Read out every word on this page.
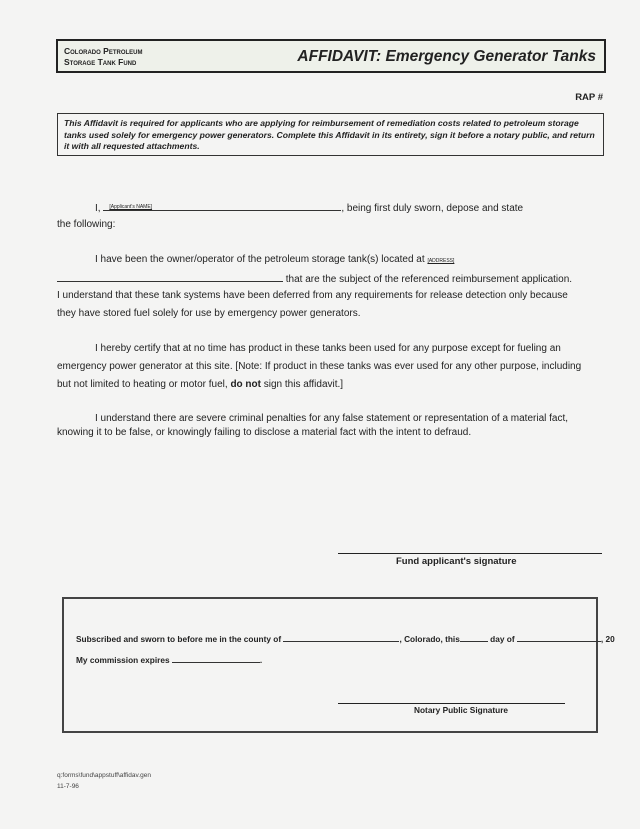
Colorado Petroleum
Storage Tank Fund	AFFIDAVIT: Emergency Generator Tanks
RAP #
This Affidavit is required for applicants who are applying for reimbursement of remediation costs related to petroleum storage tanks used solely for emergency power generators. Complete this Affidavit in its entirety, sign it before a notary public, and return it with all requested attachments.
I, [Applicant’s NAME]	, being first duly sworn, depose and state
the following:
I have been the owner/operator of the petroleum storage tank(s) located at [ADDRESS]
that are the subject of the referenced reimbursement application.
I understand that these tank systems have been deferred from any requirements for release detection only because
they have stored fuel solely for use by emergency power generators.
I hereby certify that at no time has product in these tanks been used for any purpose except for fueling an
emergency power generator at this site. [Note: If product in these tanks was ever used for any other purpose, including
but not limited to heating or motor fuel, do not sign this affidavit.]
I understand there are severe criminal penalties for any false statement or representation of a material fact,
knowing it to be false, or knowingly failing to disclose a material fact with the intent to defraud.
Fund applicant's signature
Subscribed and sworn to before me in the county of	, Colorado, this	day of	, 20
My commission expires	.
Notary Public Signature
q:forms\fund\appstuff\affidav.gen
11-7-96
